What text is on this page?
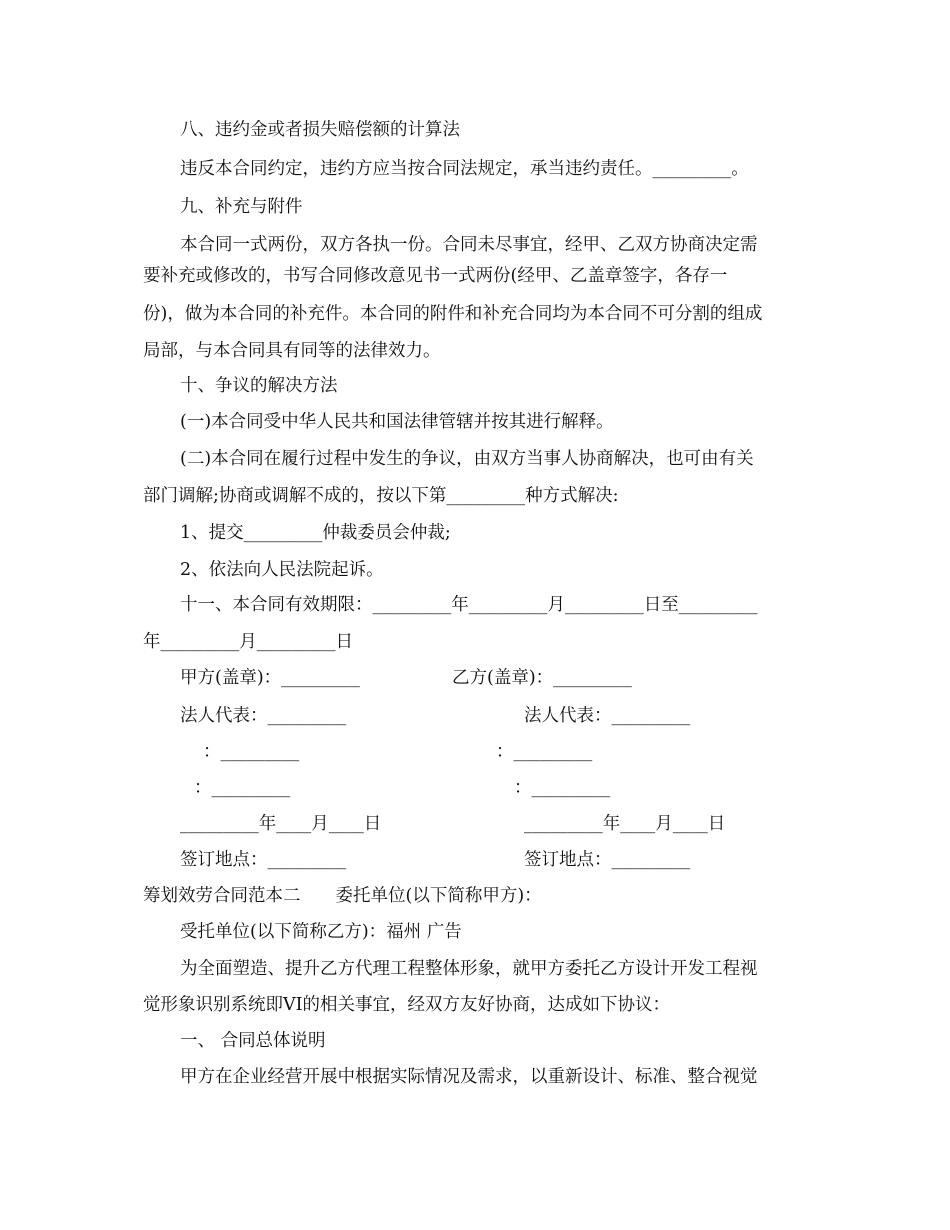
八、违约金或者损失赔偿额的计算法

违反本合同约定，违约方应当按合同法规定，承当违约责任。_________。

九、补充与附件

本合同一式两份，双方各执一份。合同未尽事宜，经甲、乙双方协商决定需

要补充或修改的，书写合同修改意见书一式两份(经甲、乙盖章签字，各存一

份)，做为本合同的补充件。本合同的附件和补充合同均为本合同不可分割的组成

局部，与本合同具有同等的法律效力。

十、争议的解决方法

(一)本合同受中华人民共和国法律管辖并按其进行解释。

(二)本合同在履行过程中发生的争议，由双方当事人协商解决，也可由有关

部门调解;协商或调解不成的，按以下第_________种方式解决:

1、提交_________仲裁委员会仲裁;

2、依法向人民法院起诉。

十一、本合同有效期限：_________年_________月_________日至_________

年_________月_________日

甲方(盖章)：_________	乙方(盖章)：_________

法人代表：_________	法人代表：_________

：_________	：_________

：_________	：_________

_________年____月____日	_________年____月____日

签订地点：_________	签订地点：_________

筹划效劳合同范本二　　委托单位(以下简称甲方)：

受托单位(以下简称乙方)：福州 广告

为全面塑造、提升乙方代理工程整体形象，就甲方委托乙方设计开发工程视

觉形象识别系统即VI的相关事宜，经双方友好协商，达成如下协议：

一、 合同总体说明

甲方在企业经营开展中根据实际情况及需求，以重新设计、标准、整合视觉
